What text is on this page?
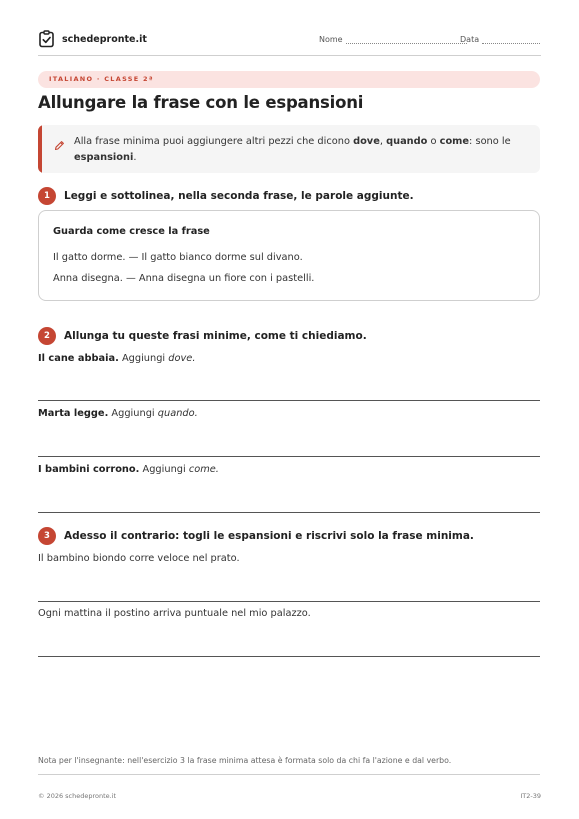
schedepronte.it	Nome	Data
ITALIANO · CLASSE 2ª
Allungare la frase con le espansioni
Alla frase minima puoi aggiungere altri pezzi che dicono dove, quando o come: sono le espansioni.
1	Leggi e sottolinea, nella seconda frase, le parole aggiunte.
Guarda come cresce la frase
Il gatto dorme. — Il gatto bianco dorme sul divano.
Anna disegna. — Anna disegna un fiore con i pastelli.
2	Allunga tu queste frasi minime, come ti chiediamo.
Il cane abbaia. Aggiungi dove.
Marta legge. Aggiungi quando.
I bambini corrono. Aggiungi come.
3	Adesso il contrario: togli le espansioni e riscrivi solo la frase minima.
Il bambino biondo corre veloce nel prato.
Ogni mattina il postino arriva puntuale nel mio palazzo.
Nota per l'insegnante: nell'esercizio 3 la frase minima attesa è formata solo da chi fa l'azione e dal verbo.
© 2026 schedepronte.it	IT2-39
